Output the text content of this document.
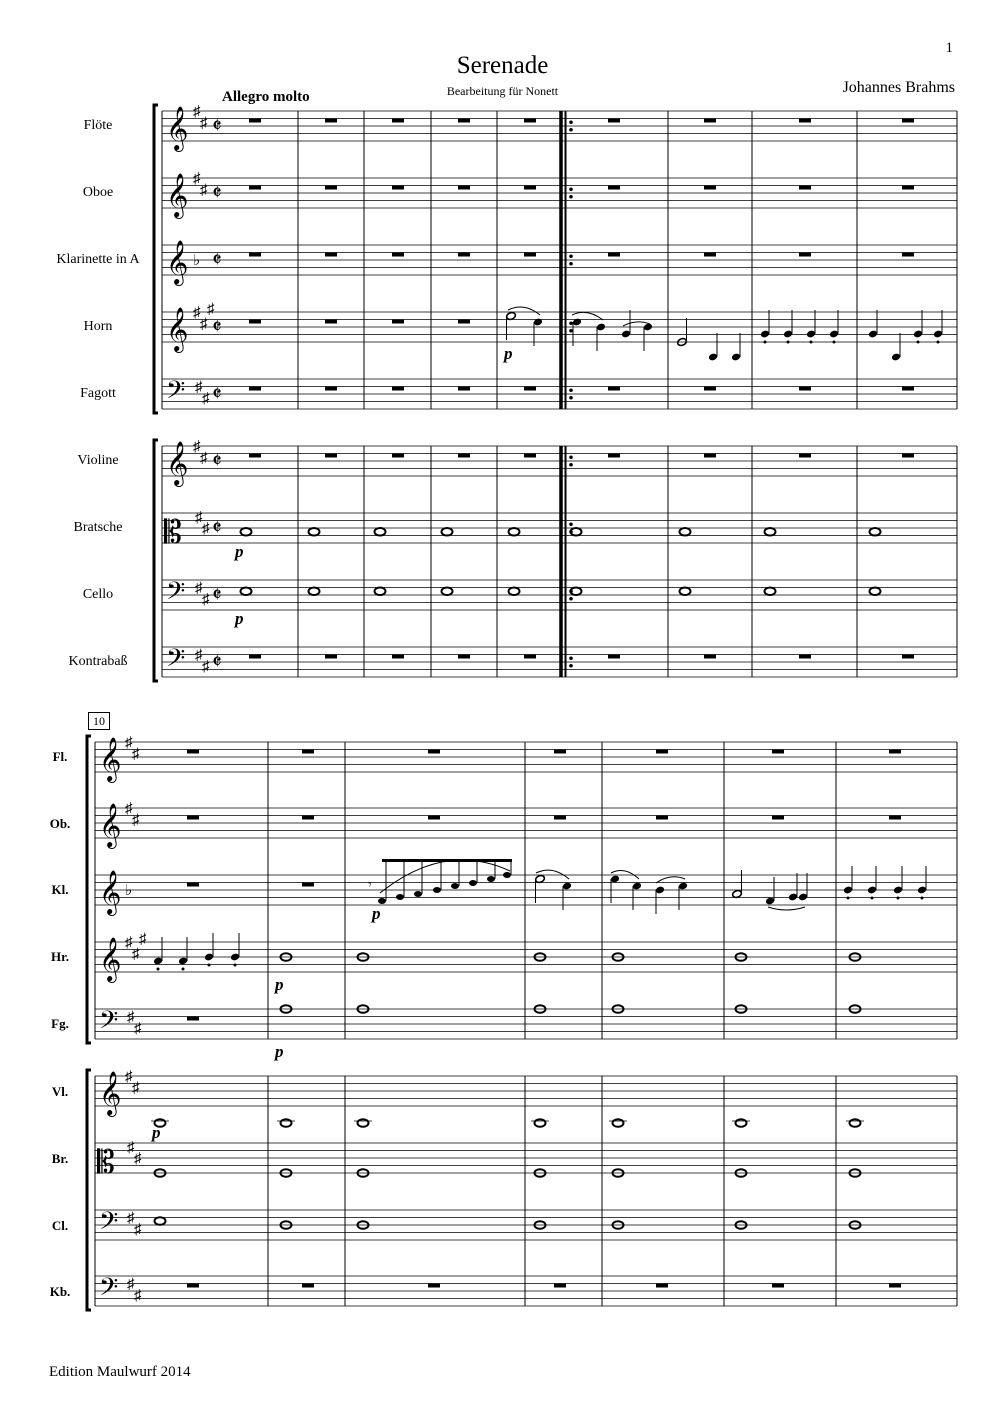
1
Serenade
Bearbeitung für Nonett	Johannes Brahms
Allegro molto
Flöte
Oboe
Klarinette in A
Horn
Fagott
Violine
Bratsche
Cello
Kontrabaß
10
Fl.
Ob.
Kl.
Hr.
Fg.
Vl.
Br.
Cl.
Kb.
Edition Maulwurf 2014
𝄞 ♯
♯ 𝄵
𝄞 ♯
♯ 𝄵
𝄞 ♭ 𝄵
𝄞 ♯
♯
♯
𝄵
𝄢 ♯
♯ 𝄵
𝄞 ♯
♯ 𝄵
𝄡 ♯
♯ 𝄵
𝄢 ♯
♯ 𝄵
𝄢 ♯
♯ 𝄵
p
p
p
𝄞 ♯
♯
𝄞 ♯
♯
𝄞 ♭
𝄞 ♯
♯
♯
𝄢 ♯
♯
𝄞 ♯
♯
𝄡 ♯
♯
𝄢 ♯
♯
𝄢 ♯
♯
𝄾
p
p
p
p
